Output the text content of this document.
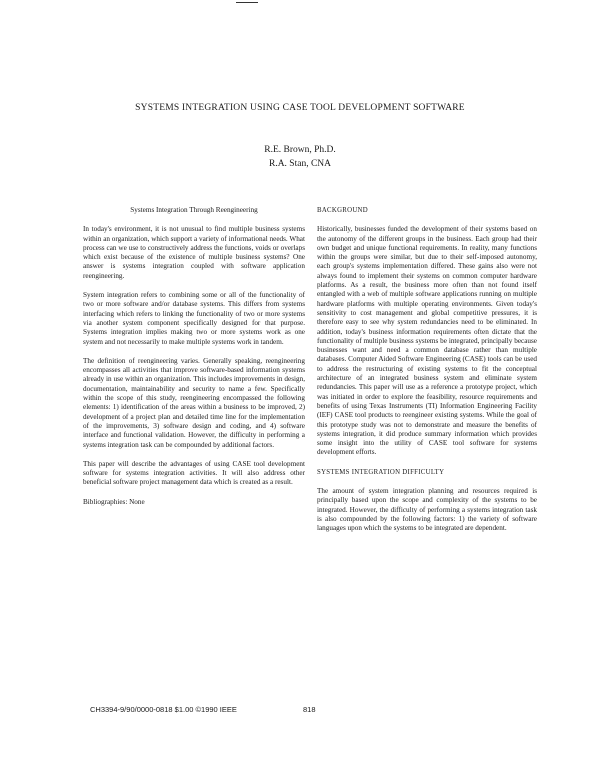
SYSTEMS INTEGRATION USING CASE TOOL DEVELOPMENT SOFTWARE
R.E. Brown, Ph.D.
R.A. Stan, CNA

Systems Integration Through Reengineering

In today's environment, it is not unusual to find multiple business systems within an organization, which support a variety of informational needs. What process can we use to constructively address the functions, voids or overlaps which exist because of the existence of multiple business systems? One answer is systems integration coupled with software application reengineering.

System integration refers to combining some or all of the functionality of two or more software and/or database systems. This differs from systems interfacing which refers to linking the functionality of two or more systems via another system component specifically designed for that purpose. Systems integration implies making two or more systems work as one system and not necessarily to make multiple systems work in tandem.

The definition of reengineering varies. Generally speaking, reengineering encompasses all activities that improve software-based information systems already in use within an organization. This includes improvements in design, documentation, maintainability and security to name a few. Specifically within the scope of this study, reengineering encompassed the following elements: 1) identification of the areas within a business to be improved, 2) development of a project plan and detailed time line for the implementation of the improvements, 3) software design and coding, and 4) software interface and functional validation. However, the difficulty in performing a systems integration task can be compounded by additional factors.

This paper will describe the advantages of using CASE tool development software for systems integration activities. It will also address other beneficial software project management data which is created as a result.

Bibliographies: None

BACKGROUND

Historically, businesses funded the development of their systems based on the autonomy of the different groups in the business. Each group had their own budget and unique functional requirements. In reality, many functions within the groups were similar, but due to their self-imposed autonomy, each group's systems implementation differed. These gains also were not always found to implement their systems on common computer hardware platforms. As a result, the business more often than not found itself entangled with a web of multiple software applications running on multiple hardware platforms with multiple operating environments. Given today's sensitivity to cost management and global competitive pressures, it is therefore easy to see why system redundancies need to be eliminated. In addition, today's business information requirements often dictate that the functionality of multiple business systems be integrated, principally because businesses want and need a common database rather than multiple databases. Computer Aided Software Engineering (CASE) tools can be used to address the restructuring of existing systems to fit the conceptual architecture of an integrated business system and eliminate system redundancies. This paper will use as a reference a prototype project, which was initiated in order to explore the feasibility, resource requirements and benefits of using Texas Instruments (TI) Information Engineering Facility (IEF) CASE tool products to reengineer existing systems. While the goal of this prototype study was not to demonstrate and measure the benefits of systems integration, it did produce summary information which provides some insight into the utility of CASE tool software for systems development efforts.

SYSTEMS INTEGRATION DIFFICULTY

The amount of system integration planning and resources required is principally based upon the scope and complexity of the systems to be integrated. However, the difficulty of performing a systems integration task is also compounded by the following factors: 1) the variety of software languages upon which the systems to be integrated are dependent.

CH3394-9/90/0000-0818 $1.00 ©1990 IEEE	818
